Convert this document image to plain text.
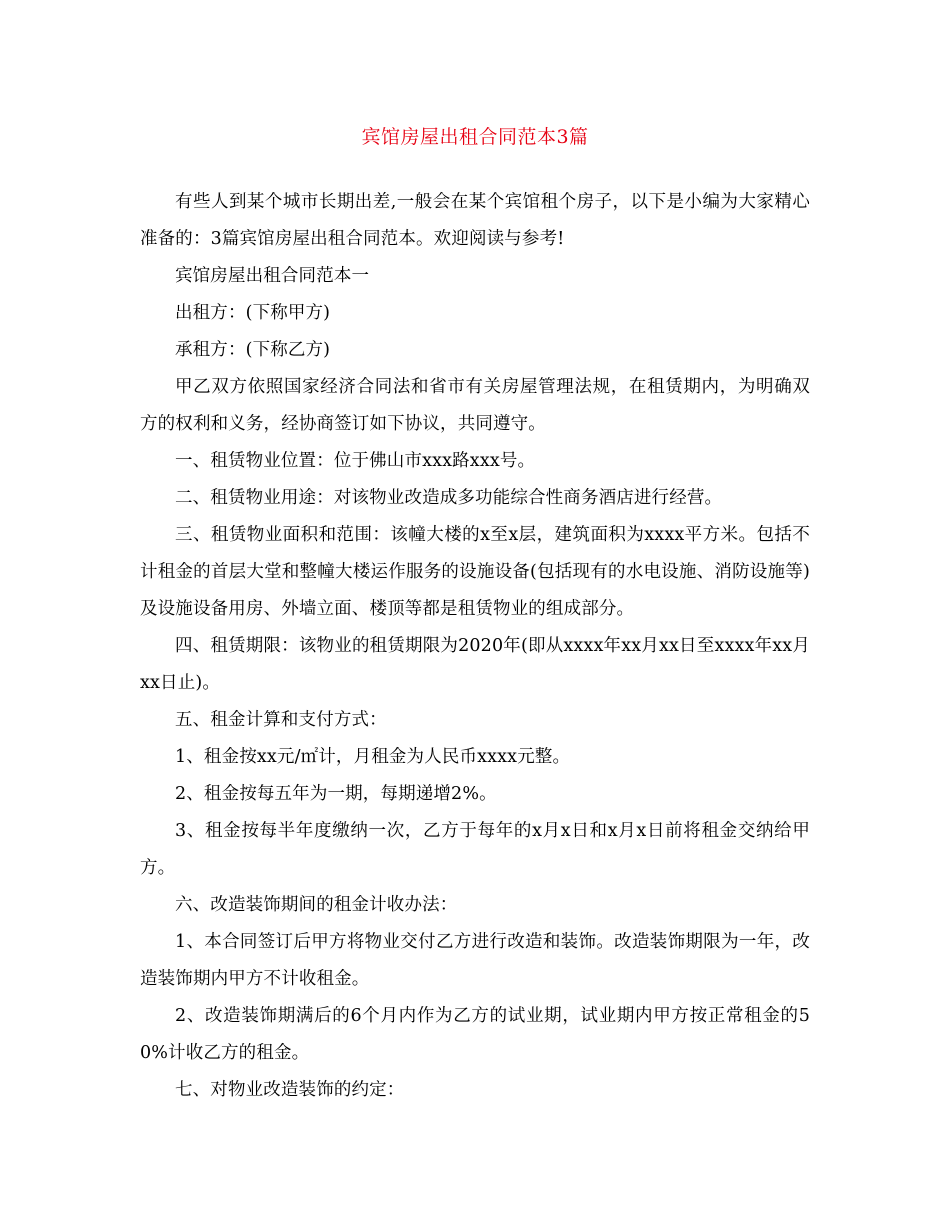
宾馆房屋出租合同范本3篇

有些人到某个城市长期出差,一般会在某个宾馆租个房子，以下是小编为大家精心准备的：3篇宾馆房屋出租合同范本。欢迎阅读与参考!

宾馆房屋出租合同范本一

出租方：(下称甲方)

承租方：(下称乙方)

甲乙双方依照国家经济合同法和省市有关房屋管理法规，在租赁期内，为明确双方的权利和义务，经协商签订如下协议，共同遵守。

一、租赁物业位置：位于佛山市xxx路xxx号。

二、租赁物业用途：对该物业改造成多功能综合性商务酒店进行经营。

三、租赁物业面积和范围：该幢大楼的x至x层，建筑面积为xxxx平方米。包括不计租金的首层大堂和整幢大楼运作服务的设施设备(包括现有的水电设施、消防设施等)及设施设备用房、外墙立面、楼顶等都是租赁物业的组成部分。

四、租赁期限：该物业的租赁期限为2020年(即从xxxx年xx月xx日至xxxx年xx月xx日止)。

五、租金计算和支付方式：

1、租金按xx元/㎡计，月租金为人民币xxxx元整。

2、租金按每五年为一期，每期递增2%。

3、租金按每半年度缴纳一次，乙方于每年的x月x日和x月x日前将租金交纳给甲方。

六、改造装饰期间的租金计收办法：

1、本合同签订后甲方将物业交付乙方进行改造和装饰。改造装饰期限为一年，改造装饰期内甲方不计收租金。

2、改造装饰期满后的6个月内作为乙方的试业期，试业期内甲方按正常租金的50%计收乙方的租金。

七、对物业改造装饰的约定：
